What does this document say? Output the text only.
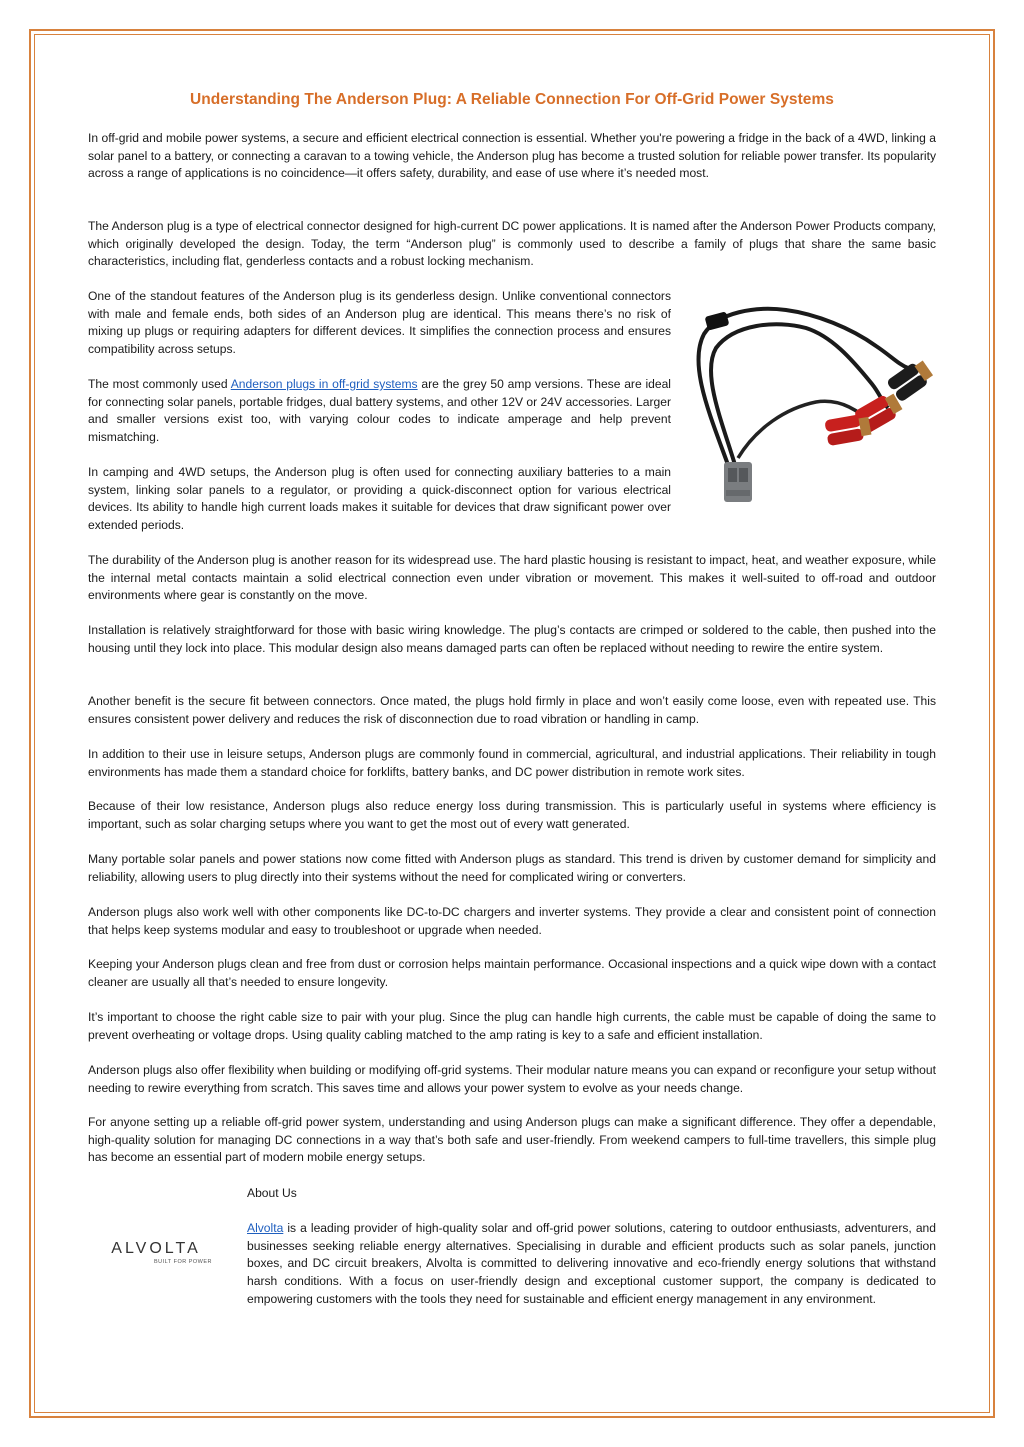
Understanding The Anderson Plug: A Reliable Connection For Off-Grid Power Systems

In off-grid and mobile power systems, a secure and efficient electrical connection is essential. Whether you're powering a fridge in the back of a 4WD, linking a solar panel to a battery, or connecting a caravan to a towing vehicle, the Anderson plug has become a trusted solution for reliable power transfer. Its popularity across a range of applications is no coincidence—it offers safety, durability, and ease of use where it’s needed most.

The Anderson plug is a type of electrical connector designed for high-current DC power applications. It is named after the Anderson Power Products company, which originally developed the design. Today, the term “Anderson plug” is commonly used to describe a family of plugs that share the same basic characteristics, including flat, genderless contacts and a robust locking mechanism.

One of the standout features of the Anderson plug is its genderless design. Unlike conventional connectors with male and female ends, both sides of an Anderson plug are identical. This means there’s no risk of mixing up plugs or requiring adapters for different devices. It simplifies the connection process and ensures compatibility across setups.

The most commonly used Anderson plugs in off-grid systems are the grey 50 amp versions. These are ideal for connecting solar panels, portable fridges, dual battery systems, and other 12V or 24V accessories. Larger and smaller versions exist too, with varying colour codes to indicate amperage and help prevent mismatching.

In camping and 4WD setups, the Anderson plug is often used for connecting auxiliary batteries to a main system, linking solar panels to a regulator, or providing a quick-disconnect option for various electrical devices. Its ability to handle high current loads makes it suitable for devices that draw significant power over extended periods.

The durability of the Anderson plug is another reason for its widespread use. The hard plastic housing is resistant to impact, heat, and weather exposure, while the internal metal contacts maintain a solid electrical connection even under vibration or movement. This makes it well-suited to off-road and outdoor environments where gear is constantly on the move.

Installation is relatively straightforward for those with basic wiring knowledge. The plug’s contacts are crimped or soldered to the cable, then pushed into the housing until they lock into place. This modular design also means damaged parts can often be replaced without needing to rewire the entire system.

Another benefit is the secure fit between connectors. Once mated, the plugs hold firmly in place and won’t easily come loose, even with repeated use. This ensures consistent power delivery and reduces the risk of disconnection due to road vibration or handling in camp.

In addition to their use in leisure setups, Anderson plugs are commonly found in commercial, agricultural, and industrial applications. Their reliability in tough environments has made them a standard choice for forklifts, battery banks, and DC power distribution in remote work sites.

Because of their low resistance, Anderson plugs also reduce energy loss during transmission. This is particularly useful in systems where efficiency is important, such as solar charging setups where you want to get the most out of every watt generated.

Many portable solar panels and power stations now come fitted with Anderson plugs as standard. This trend is driven by customer demand for simplicity and reliability, allowing users to plug directly into their systems without the need for complicated wiring or converters.

Anderson plugs also work well with other components like DC-to-DC chargers and inverter systems. They provide a clear and consistent point of connection that helps keep systems modular and easy to troubleshoot or upgrade when needed.

Keeping your Anderson plugs clean and free from dust or corrosion helps maintain performance. Occasional inspections and a quick wipe down with a contact cleaner are usually all that’s needed to ensure longevity.

It’s important to choose the right cable size to pair with your plug. Since the plug can handle high currents, the cable must be capable of doing the same to prevent overheating or voltage drops. Using quality cabling matched to the amp rating is key to a safe and efficient installation.

Anderson plugs also offer flexibility when building or modifying off-grid systems. Their modular nature means you can expand or reconfigure your setup without needing to rewire everything from scratch. This saves time and allows your power system to evolve as your needs change.

For anyone setting up a reliable off-grid power system, understanding and using Anderson plugs can make a significant difference. They offer a dependable, high-quality solution for managing DC connections in a way that’s both safe and user-friendly. From weekend campers to full-time travellers, this simple plug has become an essential part of modern mobile energy setups.

About Us

Alvolta is a leading provider of high-quality solar and off-grid power solutions, catering to outdoor enthusiasts, adventurers, and businesses seeking reliable energy alternatives. Specialising in durable and efficient products such as solar panels, junction boxes, and DC circuit breakers, Alvolta is committed to delivering innovative and eco-friendly energy solutions that withstand harsh conditions. With a focus on user-friendly design and exceptional customer support, the company is dedicated to empowering customers with the tools they need for sustainable and efficient energy management in any environment.

ALVOLTA
BUILT FOR POWER
